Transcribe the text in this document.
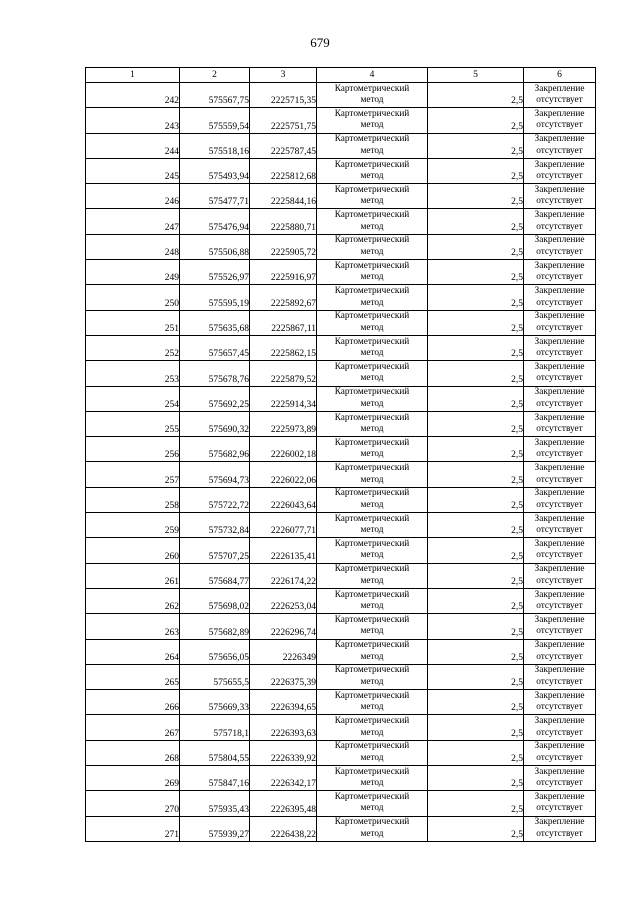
679
1	2	3	4	5	6
242	575567,75	2225715,35	Картометрический
метод	2,5	Закрепление
отсутствует

243	575559,54	2225751,75	Картометрический
метод	2,5	Закрепление
отсутствует

244	575518,16	2225787,45	Картометрический
метод	2,5	Закрепление
отсутствует

245	575493,94	2225812,68	Картометрический
метод	2,5	Закрепление
отсутствует

246	575477,71	2225844,16	Картометрический
метод	2,5	Закрепление
отсутствует

247	575476,94	2225880,71	Картометрический
метод	2,5	Закрепление
отсутствует

248	575506,88	2225905,72	Картометрический
метод	2,5	Закрепление
отсутствует

249	575526,97	2225916,97	Картометрический
метод	2,5	Закрепление
отсутствует

250	575595,19	2225892,67	Картометрический
метод	2,5	Закрепление
отсутствует

251	575635,68	2225867,11	Картометрический
метод	2,5	Закрепление
отсутствует

252	575657,45	2225862,15	Картометрический
метод	2,5	Закрепление
отсутствует

253	575678,76	2225879,52	Картометрический
метод	2,5	Закрепление
отсутствует

254	575692,25	2225914,34	Картометрический
метод	2,5	Закрепление
отсутствует

255	575690,32	2225973,89	Картометрический
метод	2,5	Закрепление
отсутствует

256	575682,96	2226002,18	Картометрический
метод	2,5	Закрепление
отсутствует

257	575694,73	2226022,06	Картометрический
метод	2,5	Закрепление
отсутствует

258	575722,72	2226043,64	Картометрический
метод	2,5	Закрепление
отсутствует

259	575732,84	2226077,71	Картометрический
метод	2,5	Закрепление
отсутствует

260	575707,25	2226135,41	Картометрический
метод	2,5	Закрепление
отсутствует

261	575684,77	2226174,22	Картометрический
метод	2,5	Закрепление
отсутствует

262	575698,02	2226253,04	Картометрический
метод	2,5	Закрепление
отсутствует

263	575682,89	2226296,74	Картометрический
метод	2,5	Закрепление
отсутствует

264	575656,05	2226349	Картометрический
метод	2,5	Закрепление
отсутствует

265	575655,5	2226375,39	Картометрический
метод	2,5	Закрепление
отсутствует

266	575669,33	2226394,65	Картометрический
метод	2,5	Закрепление
отсутствует

267	575718,1	2226393,63	Картометрический
метод	2,5	Закрепление
отсутствует

268	575804,55	2226339,92	Картометрический
метод	2,5	Закрепление
отсутствует

269	575847,16	2226342,17	Картометрический
метод	2,5	Закрепление
отсутствует

270	575935,43	2226395,48	Картометрический
метод	2,5	Закрепление
отсутствует

271	575939,27	2226438,22	Картометрический
метод	2,5	Закрепление
отсутствует
